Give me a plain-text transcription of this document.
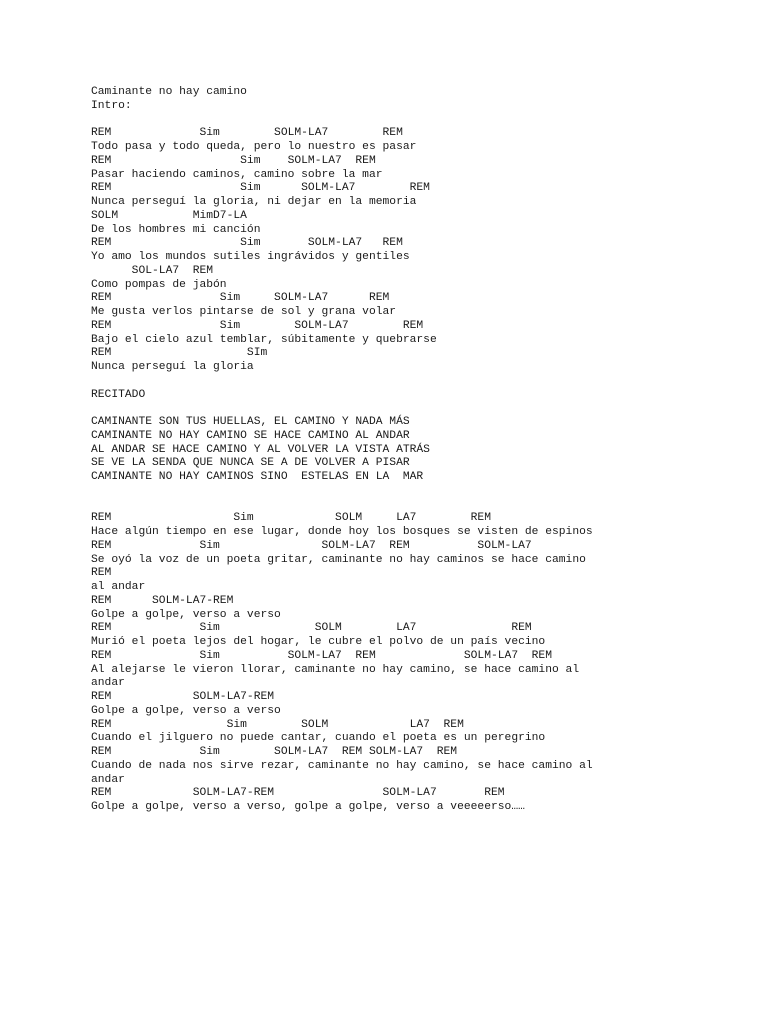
Caminante no hay camino
Intro:

REM             Sim        SOLM-LA7        REM
Todo pasa y todo queda, pero lo nuestro es pasar
REM                   Sim    SOLM-LA7  REM
Pasar haciendo caminos, camino sobre la mar
REM                   Sim      SOLM-LA7        REM
Nunca perseguí la gloria, ni dejar en la memoria
SOLM           MimD7-LA
De los hombres mi canción
REM                   Sim       SOLM-LA7   REM
Yo amo los mundos sutiles ingrávidos y gentiles
SOL-LA7  REM
Como pompas de jabón
REM                Sim     SOLM-LA7      REM
Me gusta verlos pintarse de sol y grana volar
REM                Sim        SOLM-LA7        REM
Bajo el cielo azul temblar, súbitamente y quebrarse
REM                    SIm
Nunca perseguí la gloria

RECITADO

CAMINANTE SON TUS HUELLAS, EL CAMINO Y NADA MÁS
CAMINANTE NO HAY CAMINO SE HACE CAMINO AL ANDAR
AL ANDAR SE HACE CAMINO Y AL VOLVER LA VISTA ATRÁS
SE VE LA SENDA QUE NUNCA SE A DE VOLVER A PISAR
CAMINANTE NO HAY CAMINOS SINO  ESTELAS EN LA  MAR

REM                  Sim            SOLM     LA7        REM
Hace algún tiempo en ese lugar, donde hoy los bosques se visten de espinos
REM             Sim               SOLM-LA7  REM          SOLM-LA7
Se oyó la voz de un poeta gritar, caminante no hay caminos se hace camino
REM
al andar
REM      SOLM-LA7-REM
Golpe a golpe, verso a verso
REM             Sim              SOLM        LA7              REM
Murió el poeta lejos del hogar, le cubre el polvo de un país vecino
REM             Sim          SOLM-LA7  REM             SOLM-LA7  REM
Al alejarse le vieron llorar, caminante no hay camino, se hace camino al
andar
REM            SOLM-LA7-REM
Golpe a golpe, verso a verso
REM                 Sim        SOLM            LA7  REM
Cuando el jilguero no puede cantar, cuando el poeta es un peregrino
REM             Sim        SOLM-LA7  REM SOLM-LA7  REM
Cuando de nada nos sirve rezar, caminante no hay camino, se hace camino al
andar
REM            SOLM-LA7-REM                SOLM-LA7       REM
Golpe a golpe, verso a verso, golpe a golpe, verso a veeeeerso……
